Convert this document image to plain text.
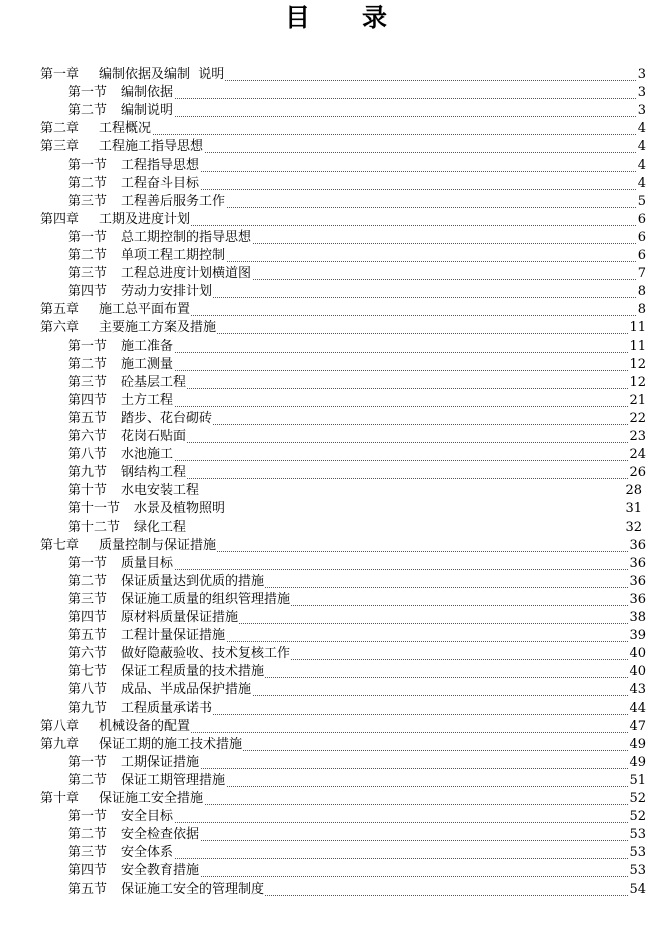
目 录
第一章 编制依据及编制  说明	3
第一节 编制依据	3
第二节 编制说明	3
第二章 工程概况	4
第三章 工程施工指导思想	4
第一节 工程指导思想	4
第二节 工程奋斗目标	4
第三节 工程善后服务工作	5
第四章 工期及进度计划	6
第一节 总工期控制的指导思想	6
第二节 单项工程工期控制	6
第三节 工程总进度计划横道图	7
第四节 劳动力安排计划	8
第五章 施工总平面布置	8
第六章 主要施工方案及措施	11
第一节 施工准备	11
第二节 施工测量	12
第三节 砼基层工程	12
第四节 土方工程	21
第五节 踏步、花台砌砖	22
第六节 花岗石贴面	23
第八节 水池施工	24
第九节 钢结构工程	26
第十节 水电安装工程	28
第十一节 水景及植物照明	31
第十二节 绿化工程	32
第七章 质量控制与保证措施	36
第一节 质量目标	36
第二节 保证质量达到优质的措施	36
第三节 保证施工质量的组织管理措施	36
第四节 原材料质量保证措施	38
第五节 工程计量保证措施	39
第六节 做好隐蔽验收、技术复核工作	40
第七节 保证工程质量的技术措施	40
第八节 成品、半成品保护措施	43
第九节 工程质量承诺书	44
第八章 机械设备的配置	47
第九章 保证工期的施工技术措施	49
第一节 工期保证措施	49
第二节 保证工期管理措施	51
第十章 保证施工安全措施	52
第一节 安全目标	52
第二节 安全检查依据	53
第三节 安全体系	53
第四节 安全教育措施	53
第五节 保证施工安全的管理制度	54
